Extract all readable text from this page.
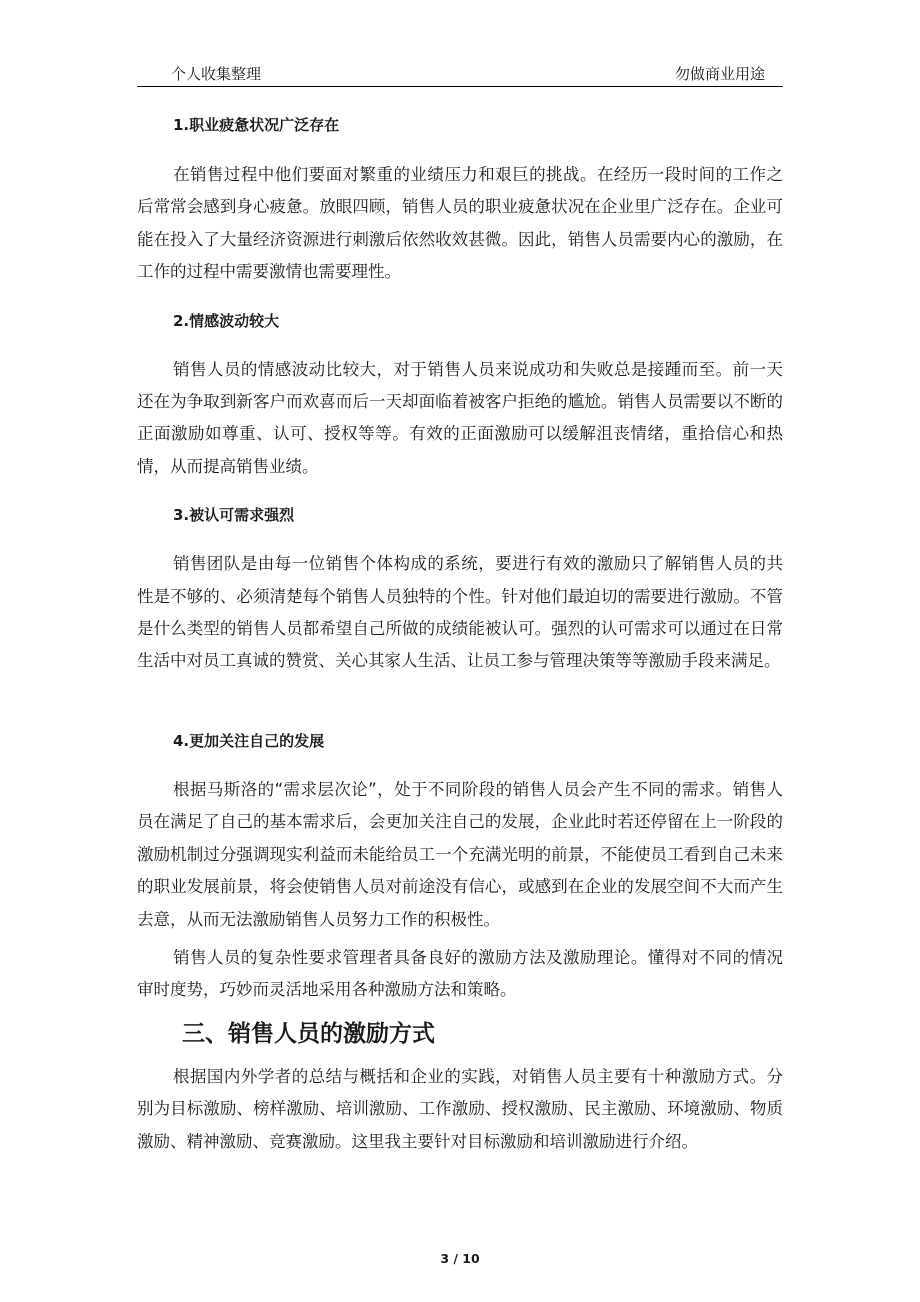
个人收集整理	勿做商业用途
1.职业疲惫状况广泛存在

在销售过程中他们要面对繁重的业绩压力和艰巨的挑战。在经历一段时间的工作之后常常会感到身心疲惫。放眼四顾，销售人员的职业疲惫状况在企业里广泛存在。企业可能在投入了大量经济资源进行刺激后依然收效甚微。因此，销售人员需要内心的激励，在工作的过程中需要激情也需要理性。

2.情感波动较大

销售人员的情感波动比较大，对于销售人员来说成功和失败总是接踵而至。前一天还在为争取到新客户而欢喜而后一天却面临着被客户拒绝的尴尬。销售人员需要以不断的正面激励如尊重、认可、授权等等。有效的正面激励可以缓解沮丧情绪，重拾信心和热情，从而提高销售业绩。

3.被认可需求强烈

销售团队是由每一位销售个体构成的系统，要进行有效的激励只了解销售人员的共性是不够的、必须清楚每个销售人员独特的个性。针对他们最迫切的需要进行激励。不管是什么类型的销售人员都希望自己所做的成绩能被认可。强烈的认可需求可以通过在日常生活中对员工真诚的赞赏、关心其家人生活、让员工参与管理决策等等激励手段来满足。

4.更加关注自己的发展

根据马斯洛的“需求层次论”，处于不同阶段的销售人员会产生不同的需求。销售人员在满足了自己的基本需求后，会更加关注自己的发展，企业此时若还停留在上一阶段的激励机制过分强调现实利益而未能给员工一个充满光明的前景，不能使员工看到自己未来的职业发展前景，将会使销售人员对前途没有信心，或感到在企业的发展空间不大而产生去意，从而无法激励销售人员努力工作的积极性。

销售人员的复杂性要求管理者具备良好的激励方法及激励理论。懂得对不同的情况审时度势，巧妙而灵活地采用各种激励方法和策略。

三、销售人员的激励方式

根据国内外学者的总结与概括和企业的实践，对销售人员主要有十种激励方式。分别为目标激励、榜样激励、培训激励、工作激励、授权激励、民主激励、环境激励、物质激励、精神激励、竞赛激励。这里我主要针对目标激励和培训激励进行介绍。

3 / 10
